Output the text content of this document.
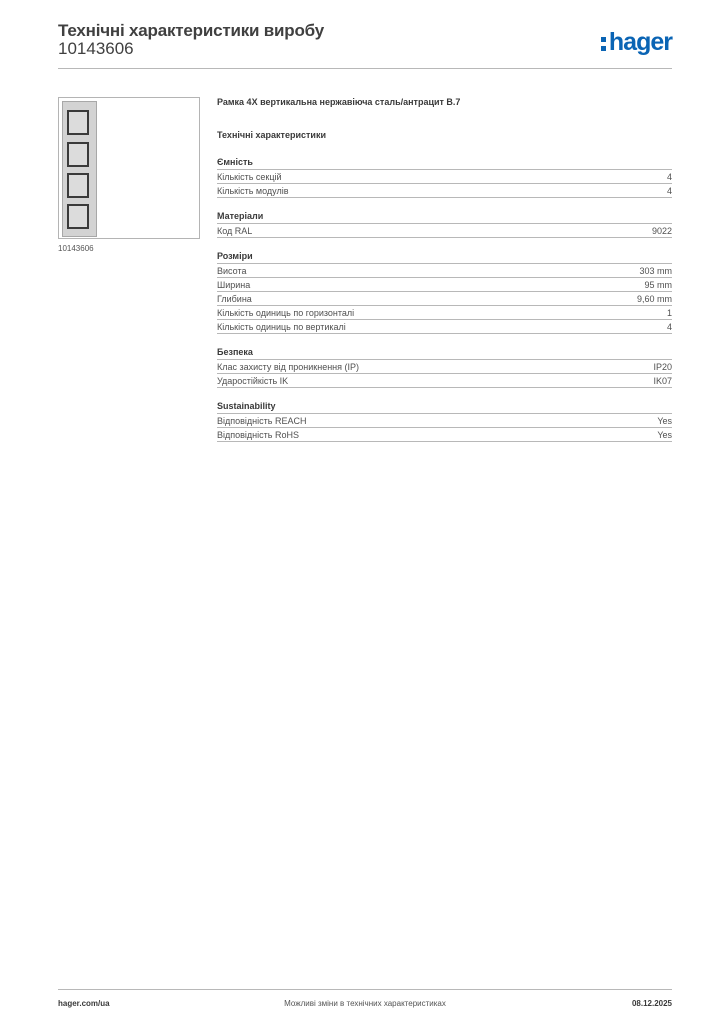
Технічні характеристики виробу
10143606	hager
10143606
Рамка 4X вертикальна нержавіюча сталь/антрацит B.7
Технічні характеристики
Ємність
Кількість секцій	4
Кількість модулів	4
Матеріали
Код RAL	9022
Розміри
Висота	303 mm
Ширина	95 mm
Глибина	9,60 mm
Кількість одиниць по горизонталі	1
Кількість одиниць по вертикалі	4
Безпека
Клас захисту від проникнення (IP)	IP20
Ударостійкість IK	IK07
Sustainability
Відповідність REACH	Yes
Відповідність RoHS	Yes
Можливі зміни в технічних характеристиках
hager.com/ua	08.12.2025
